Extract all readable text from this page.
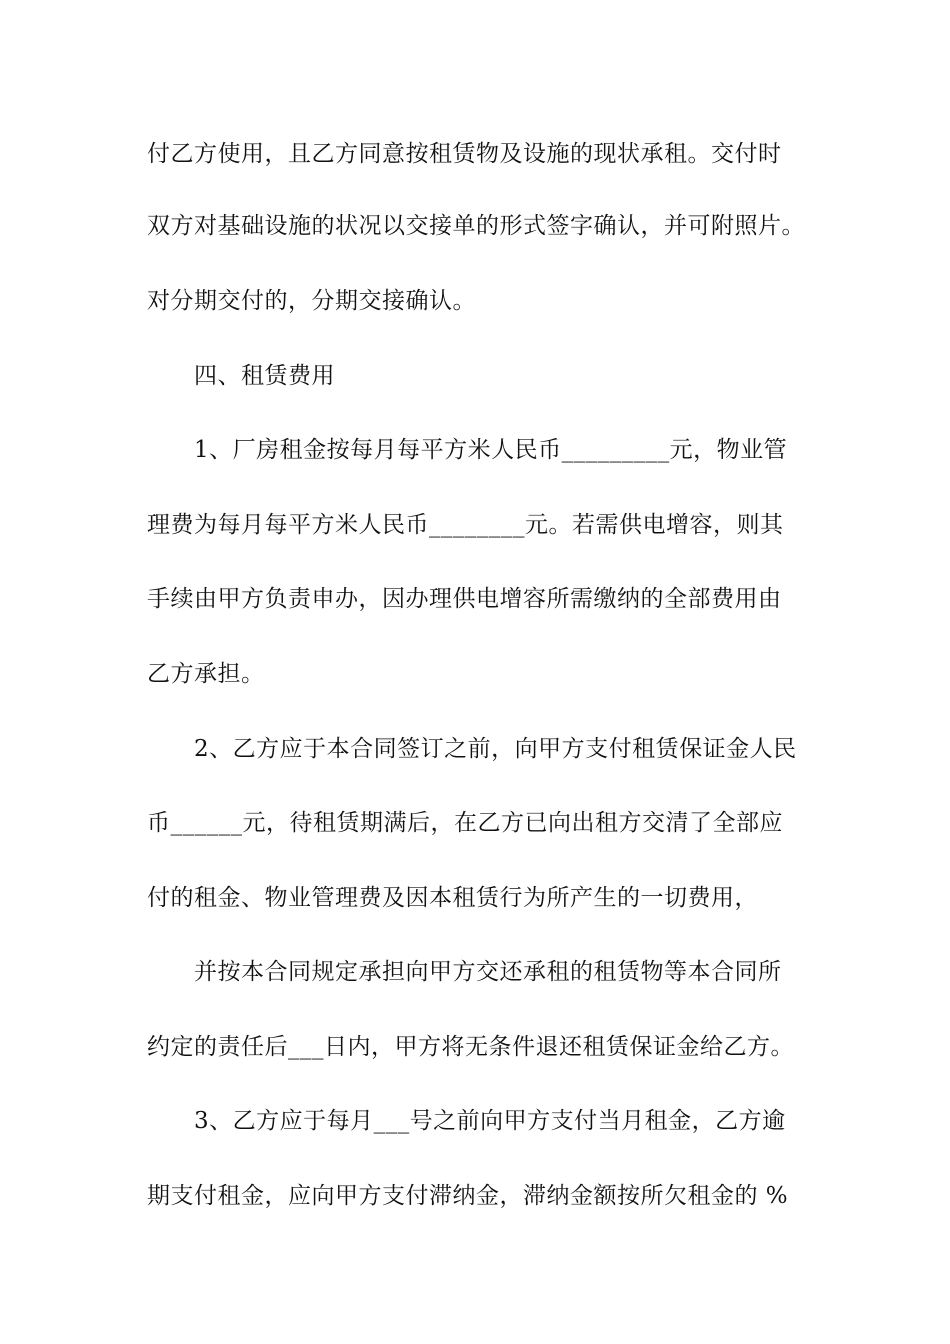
付乙方使用，且乙方同意按租赁物及设施的现状承租。交付时
双方对基础设施的状况以交接单的形式签字确认，并可附照片。
对分期交付的，分期交接确认。
四、租赁费用
1、厂房租金按每月每平方米人民币_________元，物业管
理费为每月每平方米人民币________元。若需供电增容，则其
手续由甲方负责申办，因办理供电增容所需缴纳的全部费用由
乙方承担。
2、乙方应于本合同签订之前，向甲方支付租赁保证金人民
币______元，待租赁期满后，在乙方已向出租方交清了全部应
付的租金、物业管理费及因本租赁行为所产生的一切费用，
并按本合同规定承担向甲方交还承租的租赁物等本合同所
约定的责任后___日内，甲方将无条件退还租赁保证金给乙方。
3、乙方应于每月___号之前向甲方支付当月租金，乙方逾
期支付租金，应向甲方支付滞纳金，滞纳金额按所欠租金的 %
